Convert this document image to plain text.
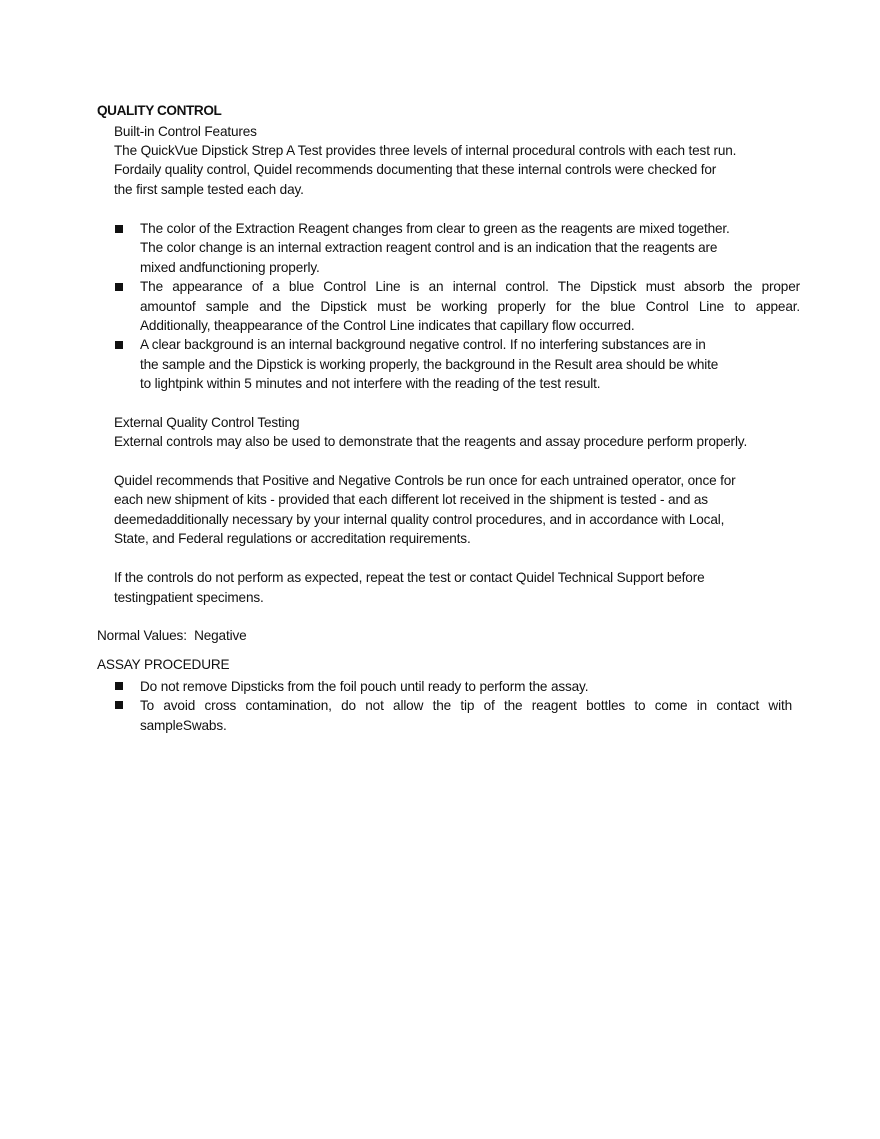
QUALITY CONTROL
Built-in Control Features
The QuickVue Dipstick Strep A Test provides three levels of internal procedural controls with each test run.
Fordaily quality control, Quidel recommends documenting that these internal controls were checked for
the first sample tested each day.
The color of the Extraction Reagent changes from clear to green as the reagents are mixed together.
The color change is an internal extraction reagent control and is an indication that the reagents are
mixed andfunctioning properly.
The appearance of a blue Control Line is an internal control. The Dipstick must absorb the proper
amountof sample and the Dipstick must be working properly for the blue Control Line to appear.
Additionally, theappearance of the Control Line indicates that capillary flow occurred.
A clear background is an internal background negative control. If no interfering substances are in
the sample and the Dipstick is working properly, the background in the Result area should be white
to lightpink within 5 minutes and not interfere with the reading of the test result.
External Quality Control Testing
External controls may also be used to demonstrate that the reagents and assay procedure perform properly.
Quidel recommends that Positive and Negative Controls be run once for each untrained operator, once for
each new shipment of kits - provided that each different lot received in the shipment is tested - and as
deemedadditionally necessary by your internal quality control procedures, and in accordance with Local,
State, and Federal regulations or accreditation requirements.
If the controls do not perform as expected, repeat the test or contact Quidel Technical Support before
testingpatient specimens.
Normal Values:  Negative
ASSAY PROCEDURE
Do not remove Dipsticks from the foil pouch until ready to perform the assay.
To avoid cross contamination, do not allow the tip of the reagent bottles to come in contact with
sampleSwabs.
